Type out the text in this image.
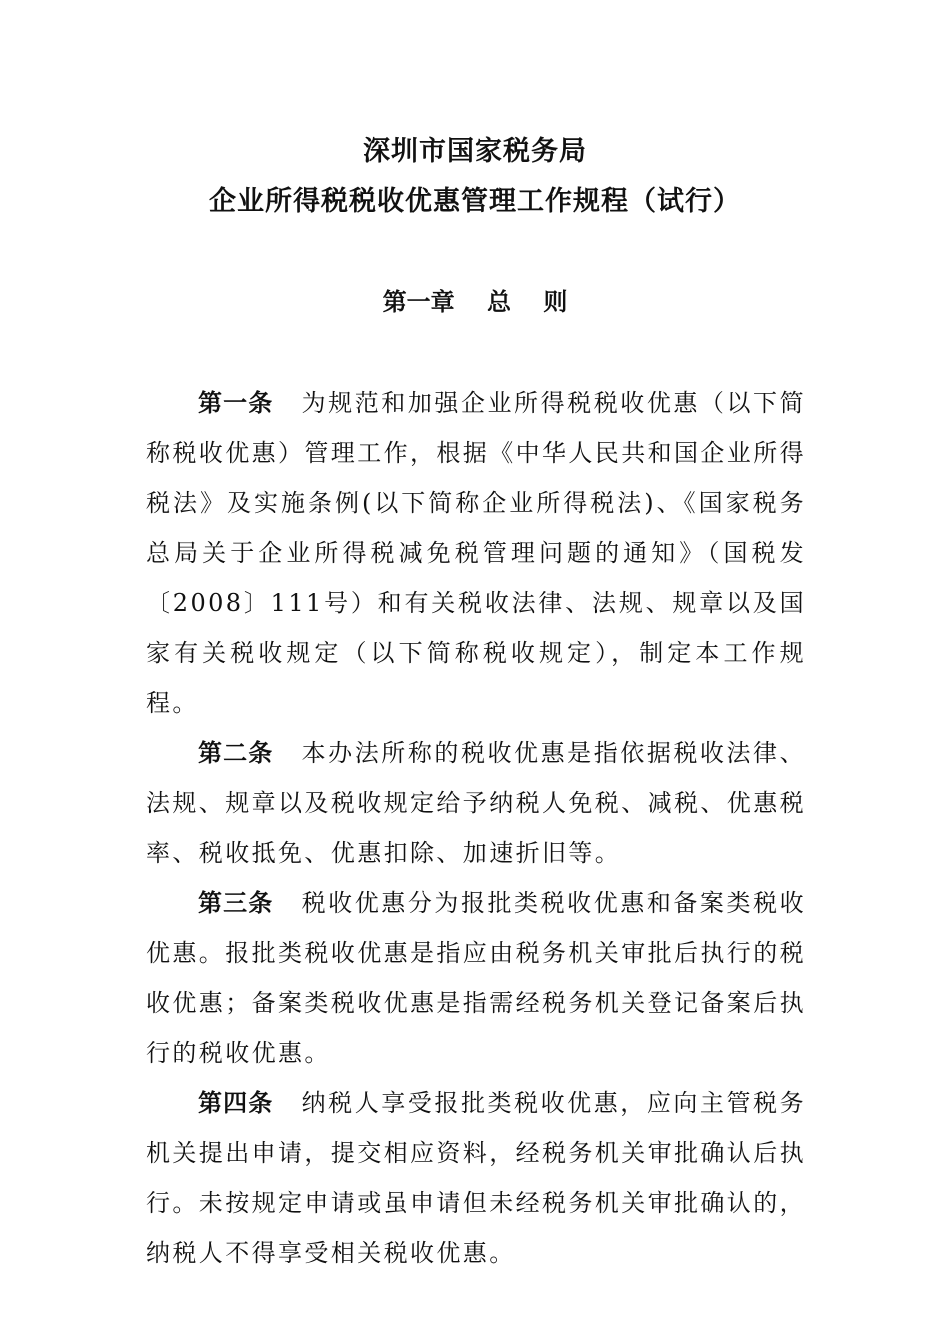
深圳市国家税务局
企业所得税税收优惠管理工作规程（试行）
第一章　 总　 则

第一条 为规范和加强企业所得税税收优惠（以下简称税收优惠）管理工作，根据《中华人民共和国企业所得税法》及实施条例(以下简称企业所得税法)、《国家税务总局关于企业所得税减免税管理问题的通知》（国税发〔2008〕111号）和有关税收法律、法规、规章以及国家有关税收规定（以下简称税收规定），制定本工作规程。

第二条 本办法所称的税收优惠是指依据税收法律、法规、规章以及税收规定给予纳税人免税、减税、优惠税率、税收抵免、优惠扣除、加速折旧等。

第三条 税收优惠分为报批类税收优惠和备案类税收优惠。报批类税收优惠是指应由税务机关审批后执行的税收优惠；备案类税收优惠是指需经税务机关登记备案后执行的税收优惠。

第四条 纳税人享受报批类税收优惠，应向主管税务机关提出申请，提交相应资料，经税务机关审批确认后执行。未按规定申请或虽申请但未经税务机关审批确认的，纳税人不得享受相关税收优惠。
